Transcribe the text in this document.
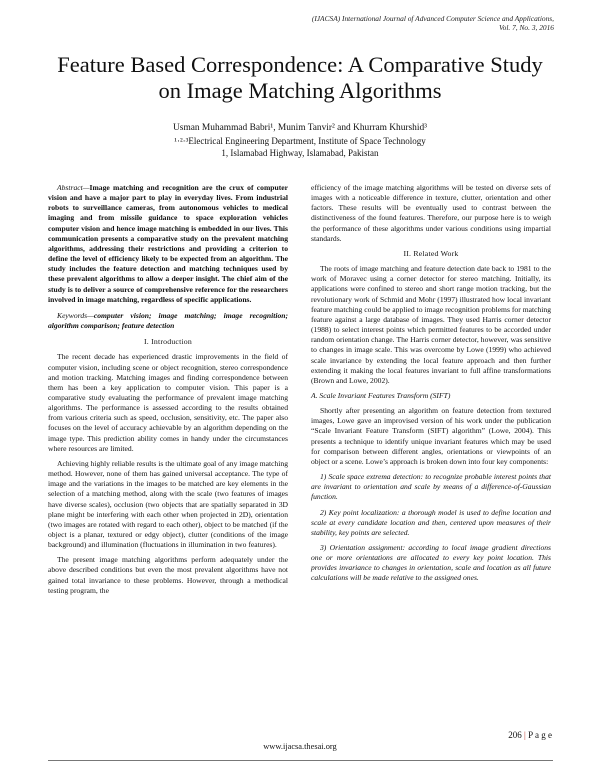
(IJACSA) International Journal of Advanced Computer Science and Applications,
Vol. 7, No. 3, 2016
Feature Based Correspondence: A Comparative Study
on Image Matching Algorithms
Usman Muhammad Babri¹, Munim Tanvir² and Khurram Khurshid³
¹·²·³Electrical Engineering Department, Institute of Space Technology
1, Islamabad Highway, Islamabad, Pakistan

Abstract—Image matching and recognition are the crux of computer vision and have a major part to play in everyday lives. From industrial robots to surveillance cameras, from autonomous vehicles to medical imaging and from missile guidance to space exploration vehicles computer vision and hence image matching is embedded in our lives. This communication presents a comparative study on the prevalent matching algorithms, addressing their restrictions and providing a criterion to define the level of efficiency likely to be expected from an algorithm. The study includes the feature detection and matching techniques used by these prevalent algorithms to allow a deeper insight. The chief aim of the study is to deliver a source of comprehensive reference for the researchers involved in image matching, regardless of specific applications.

Keywords—computer vision; image matching; image recognition; algorithm comparison; feature detection

I. Introduction

The recent decade has experienced drastic improvements in the field of computer vision, including scene or object recognition, stereo correspondence and motion tracking. Matching images and finding correspondence between them has been a key application to computer vision. This paper is a comparative study evaluating the performance of prevalent image matching algorithms. The performance is assessed according to the results obtained from various criteria such as speed, occlusion, sensitivity, etc. The paper also focuses on the level of accuracy achievable by an algorithm depending on the image type. This prediction ability comes in handy under the circumstances where resources are limited.

Achieving highly reliable results is the ultimate goal of any image matching method. However, none of them has gained universal acceptance. The type of image and the variations in the images to be matched are key elements in the selection of a matching method, along with the scale (two features of images have diverse scales), occlusion (two objects that are spatially separated in 3D plane might be interfering with each other when projected in 2D), orientation (two images are rotated with regard to each other), object to be matched (if the object is a planar, textured or edgy object), clutter (conditions of the image background) and illumination (fluctuations in illumination in two features).

The present image matching algorithms perform adequately under the above described conditions but even the most prevalent algorithms have not gained total invariance to these problems. However, through a methodical testing program, the

efficiency of the image matching algorithms will be tested on diverse sets of images with a noticeable difference in texture, clutter, orientation and other factors. These results will be eventually used to contrast between the distinctiveness of the found features. Therefore, our purpose here is to weigh the performance of these algorithms under various conditions using impartial standards.

II. Related Work

The roots of image matching and feature detection date back to 1981 to the work of Moravec using a corner detector for stereo matching. Initially, its applications were confined to stereo and short range motion tracking, but the revolutionary work of Schmid and Mohr (1997) illustrated how local invariant feature matching could be applied to image recognition problems for matching feature against a large database of images. They used Harris corner detector (1988) to select interest points which permitted features to be accorded under random orientation change. The Harris corner detector, however, was sensitive to changes in image scale. This was overcome by Lowe (1999) who achieved scale invariance by extending the local feature approach and then further extending it making the local features invariant to full affine transformations (Brown and Lowe, 2002).

A. Scale Invariant Features Transform (SIFT)

Shortly after presenting an algorithm on feature detection from textured images, Lowe gave an improvised version of his work under the publication “Scale Invariant Feature Transform (SIFT) algorithm” (Lowe, 2004). This presents a technique to identify unique invariant features which may be used for comparison between different angles, orientations or viewpoints of an object or a scene. Lowe’s approach is broken down into four key components:

1) Scale space extrema detection: to recognize probable interest points that are invariant to orientation and scale by means of a difference-of-Gaussian function.

2) Key point localization: a thorough model is used to define location and scale at every candidate location and then, centered upon measures of their stability, key points are selected.

3) Orientation assignment: according to local image gradient directions one or more orientations are allocated to every key point location. This provides invariance to changes in orientation, scale and location as all future calculations will be made relative to the assigned ones.

206 | P a g e
www.ijacsa.thesai.org
